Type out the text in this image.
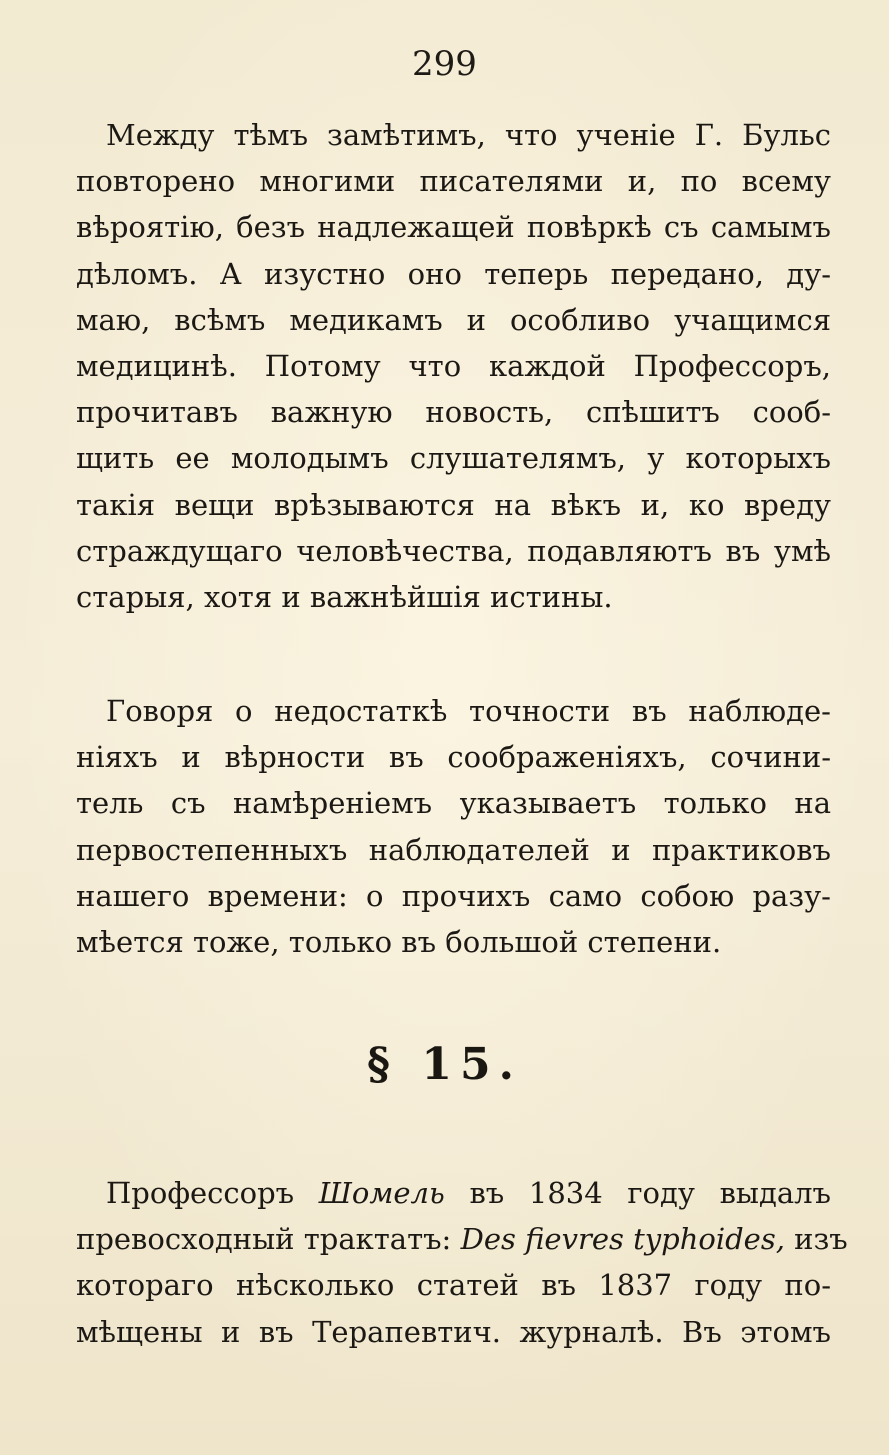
299
Между тѣмъ замѣтимъ, что ученіе Г. Бульс
повторено многими писателями и, по всему
вѣроятію, безъ надлежащей повѣркѣ съ самымъ
дѣломъ. А изустно оно теперь передано, ду-
маю, всѣмъ медикамъ и особливо учащимся
медицинѣ. Потому что каждой Профессоръ,
прочитавъ важную новость, спѣшитъ сооб-
щить ее молодымъ слушателямъ, у которыхъ
такія вещи врѣзываются на вѣкъ и, ко вреду
страждущаго человѣчества, подавляютъ въ умѣ
старыя, хотя и важнѣйшія истины.
Говоря о недостаткѣ точности въ наблюде-
ніяхъ и вѣрности въ соображеніяхъ, сочини-
тель съ намѣреніемъ указываетъ только на
первостепенныхъ наблюдателей и практиковъ
нашего времени: о прочихъ само собою разу-
мѣется тоже, только въ большой степени.
§ 15.
Профессоръ Шомель въ 1834 году выдалъ
превосходный трактатъ: Des fievres typhoides, изъ
котораго нѣсколько статей въ 1837 году по-
мѣщены и въ Терапевтич. журналѣ. Въ этомъ
